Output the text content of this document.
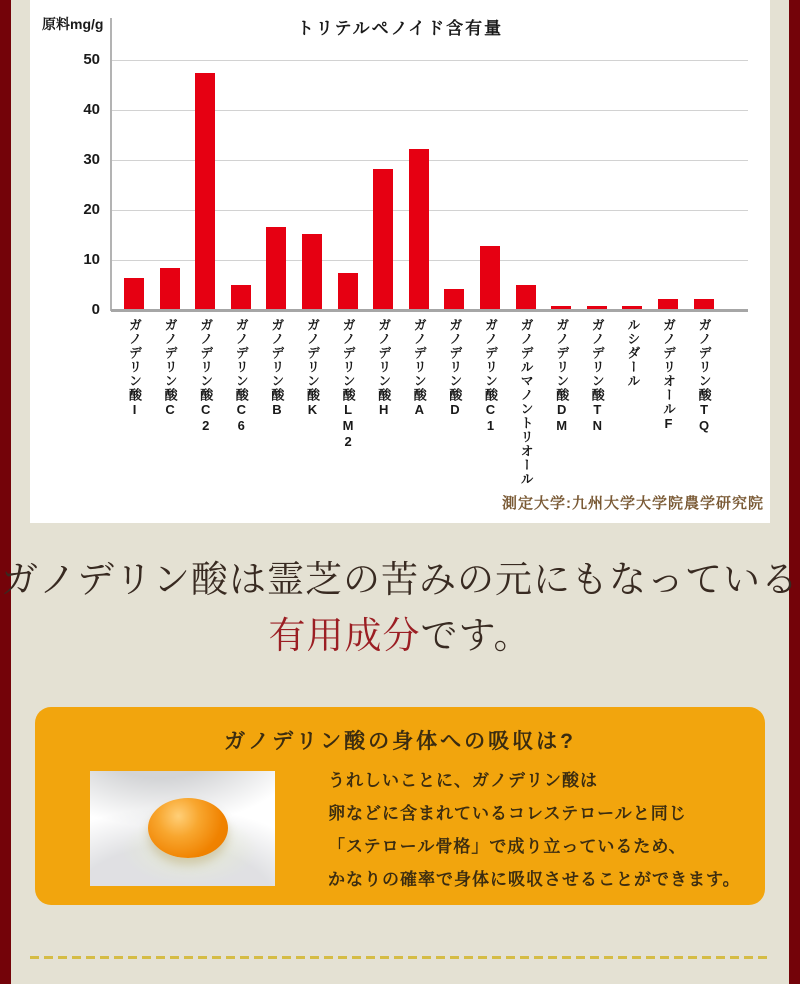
原料mg/g	トリテルペノイド含有量
0
10
20
30
40
50
ガノデリン酸I ガノデリン酸C ガノデリン酸C2 ガノデリン酸C6 ガノデリン酸B ガノデリン酸K ガノデリン酸LM2 ガノデリン酸H ガノデリン酸A ガノデリン酸D ガノデリン酸C1 ガノデルマノントリオール ガノデリン酸DM ガノデリン酸TN ルシダール ガノデリオールF ガノデリン酸TQ
測定大学:九州大学大学院農学研究院
ガノデリン酸は霊芝の苦みの元にもなっている
有用成分です。
ガノデリン酸の身体への吸収は?
うれしいことに、ガノデリン酸は
卵などに含まれているコレステロールと同じ
「ステロール骨格」で成り立っているため、
かなりの確率で身体に吸収させることができます。
